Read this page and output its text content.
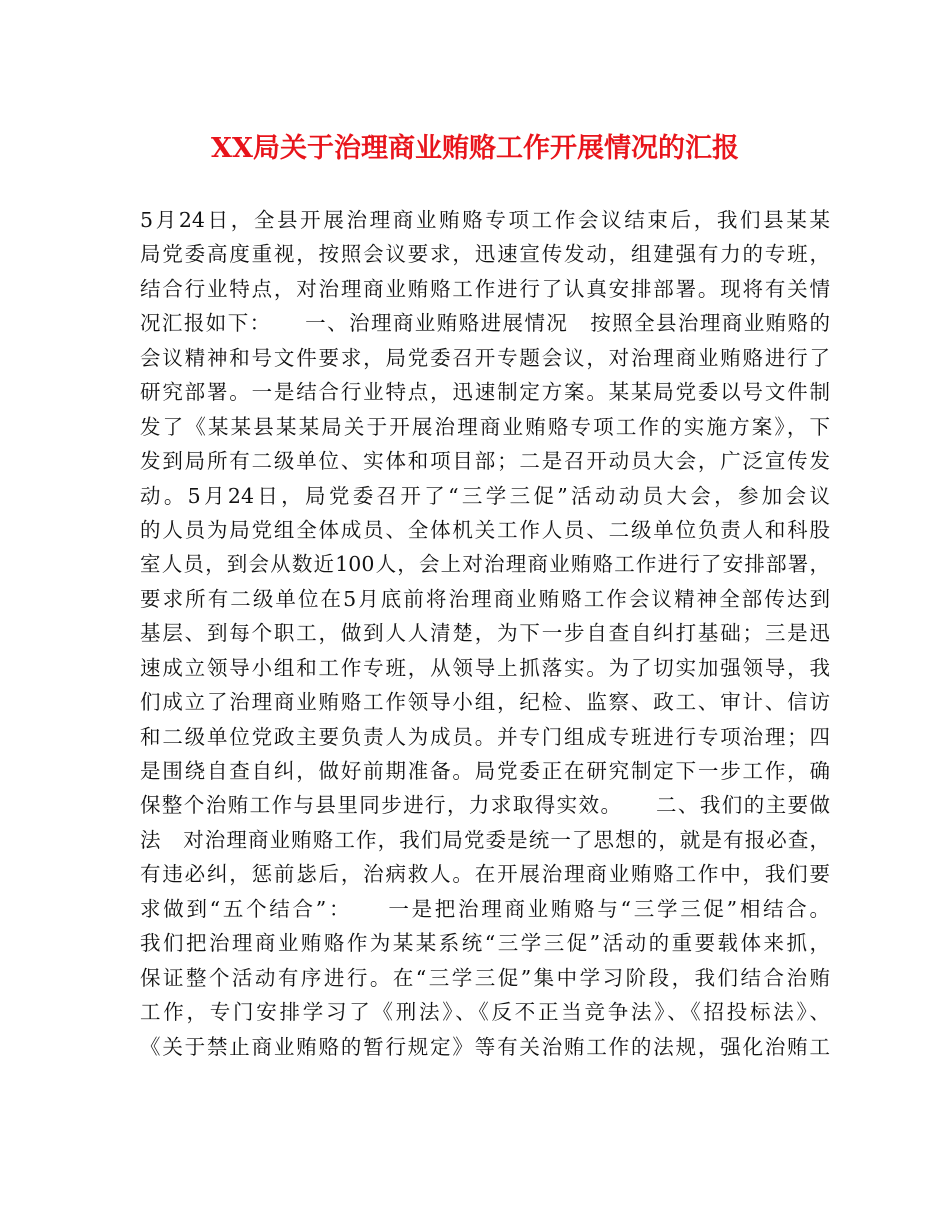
XX局关于治理商业贿赂工作开展情况的汇报
5月24日，全县开展治理商业贿赂专项工作会议结束后，我们县某某
局党委高度重视，按照会议要求，迅速宣传发动，组建强有力的专班，
结合行业特点，对治理商业贿赂工作进行了认真安排部署。现将有关情
况汇报如下：　　一、治理商业贿赂进展情况　按照全县治理商业贿赂的
会议精神和号文件要求，局党委召开专题会议，对治理商业贿赂进行了
研究部署。一是结合行业特点，迅速制定方案。某某局党委以号文件制
发了《某某县某某局关于开展治理商业贿赂专项工作的实施方案》，下
发到局所有二级单位、实体和项目部；二是召开动员大会，广泛宣传发
动。5月24日，局党委召开了“三学三促”活动动员大会，参加会议
的人员为局党组全体成员、全体机关工作人员、二级单位负责人和科股
室人员，到会从数近100人，会上对治理商业贿赂工作进行了安排部署，
要求所有二级单位在5月底前将治理商业贿赂工作会议精神全部传达到
基层、到每个职工，做到人人清楚，为下一步自查自纠打基础；三是迅
速成立领导小组和工作专班，从领导上抓落实。为了切实加强领导，我
们成立了治理商业贿赂工作领导小组，纪检、监察、政工、审计、信访
和二级单位党政主要负责人为成员。并专门组成专班进行专项治理；四
是围绕自查自纠，做好前期准备。局党委正在研究制定下一步工作，确
保整个治贿工作与县里同步进行，力求取得实效。　　二、我们的主要做
法　对治理商业贿赂工作，我们局党委是统一了思想的，就是有报必查，
有违必纠，惩前毖后，治病救人。在开展治理商业贿赂工作中，我们要
求做到“五个结合”：　　一是把治理商业贿赂与“三学三促”相结合。
我们把治理商业贿赂作为某某系统“三学三促”活动的重要载体来抓，
保证整个活动有序进行。在“三学三促”集中学习阶段，我们结合治贿
工作，专门安排学习了《刑法》、《反不正当竞争法》、《招投标法》、
《关于禁止商业贿赂的暂行规定》等有关治贿工作的法规，强化治贿工
